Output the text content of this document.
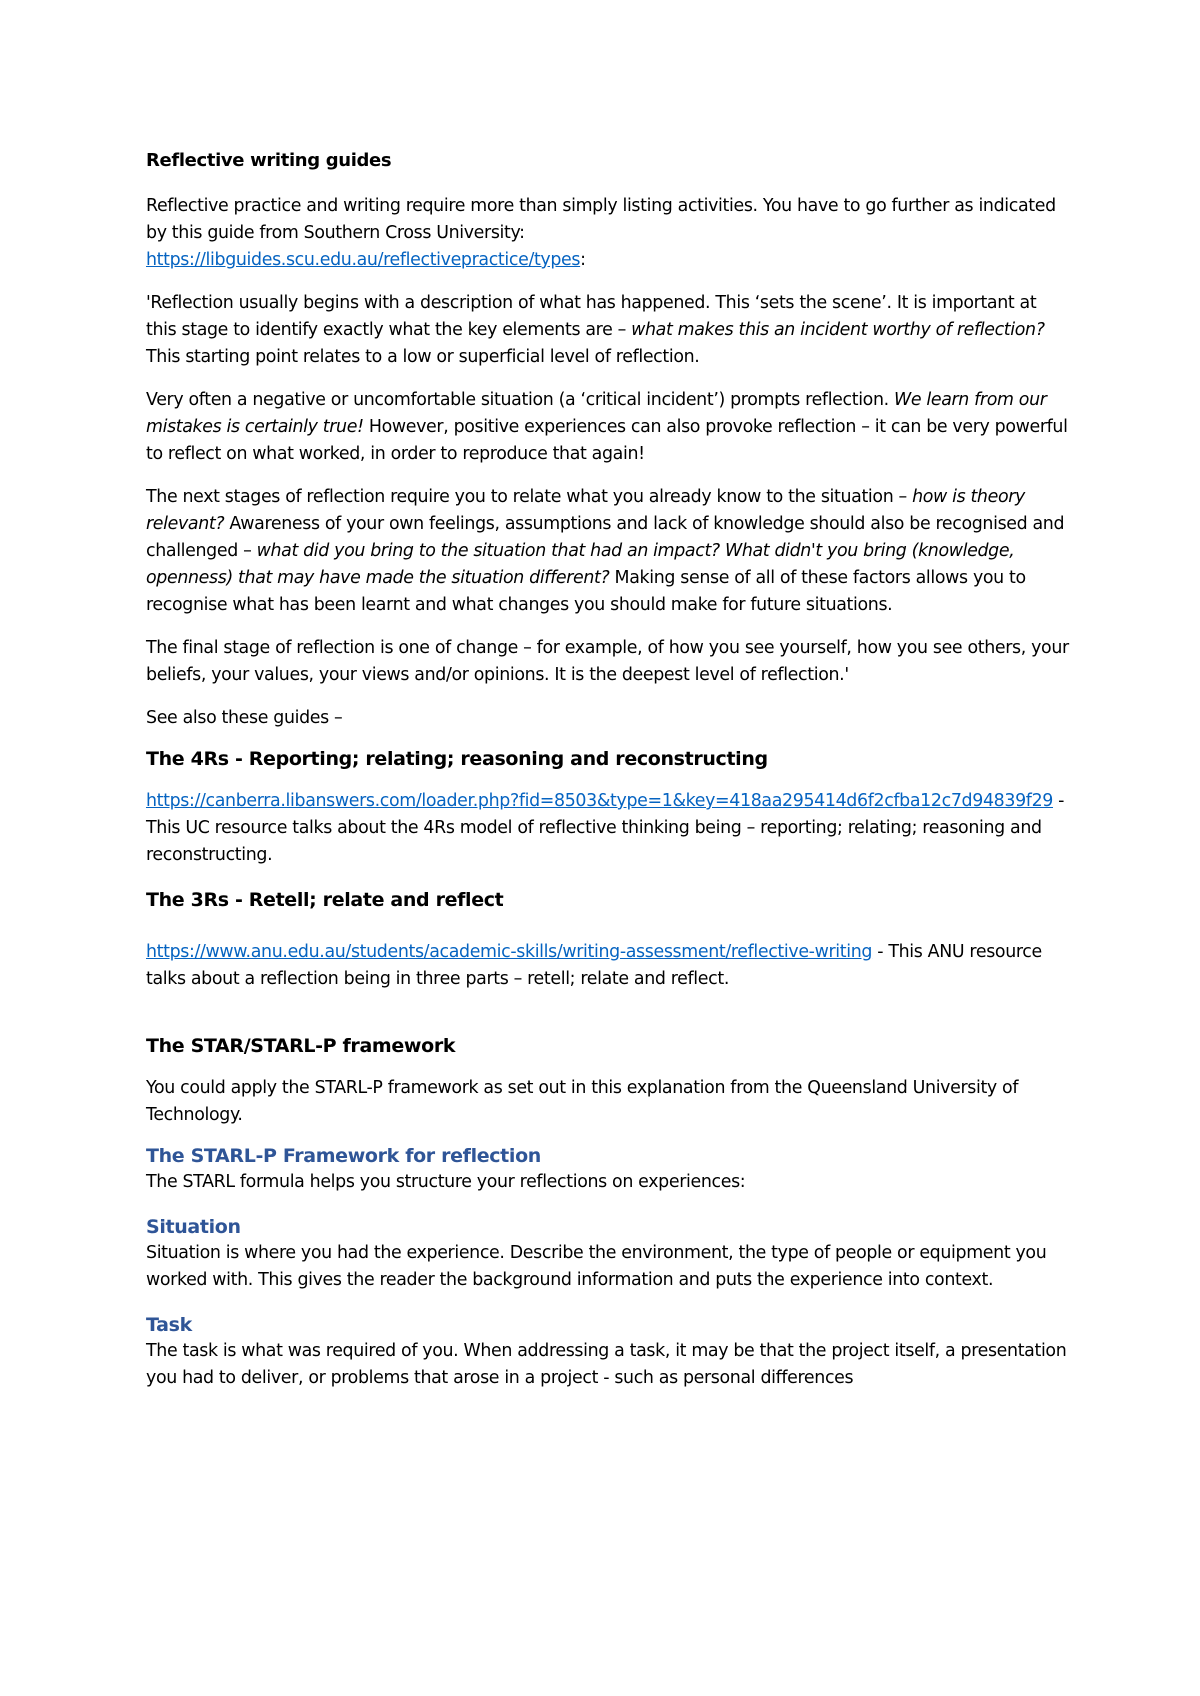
Reflective writing guides

Reflective practice and writing require more than simply listing activities. You have to go further as indicated by this guide from Southern Cross University:
https://libguides.scu.edu.au/reflectivepractice/types:

'Reflection usually begins with a description of what has happened. This ‘sets the scene’. It is important at this stage to identify exactly what the key elements are – what makes this an incident worthy of reflection? This starting point relates to a low or superficial level of reflection.

Very often a negative or uncomfortable situation (a ‘critical incident’) prompts reflection. We learn from our mistakes is certainly true! However, positive experiences can also provoke reflection – it can be very powerful to reflect on what worked, in order to reproduce that again!

The next stages of reflection require you to relate what you already know to the situation – how is theory relevant? Awareness of your own feelings, assumptions and lack of knowledge should also be recognised and challenged – what did you bring to the situation that had an impact? What didn't you bring (knowledge, openness) that may have made the situation different? Making sense of all of these factors allows you to recognise what has been learnt and what changes you should make for future situations.

The final stage of reflection is one of change – for example, of how you see yourself, how you see others, your beliefs, your values, your views and/or opinions. It is the deepest level of reflection.'

See also these guides –

The 4Rs - Reporting; relating; reasoning and reconstructing

https://canberra.libanswers.com/loader.php?fid=8503&type=1&key=418aa295414d6f2cfba12c7d94839f29 - This UC resource talks about the 4Rs model of reflective thinking being – reporting; relating; reasoning and reconstructing.

The 3Rs - Retell; relate and reflect

https://www.anu.edu.au/students/academic-skills/writing-assessment/reflective-writing - This ANU resource talks about a reflection being in three parts – retell; relate and reflect.

The STAR/STARL-P framework

You could apply the STARL-P framework as set out in this explanation from the Queensland University of Technology.

The STARL-P Framework for reflection

The STARL formula helps you structure your reflections on experiences:

Situation

Situation is where you had the experience. Describe the environment, the type of people or equipment you worked with. This gives the reader the background information and puts the experience into context.

Task

The task is what was required of you. When addressing a task, it may be that the project itself, a presentation you had to deliver, or problems that arose in a project - such as personal differences
